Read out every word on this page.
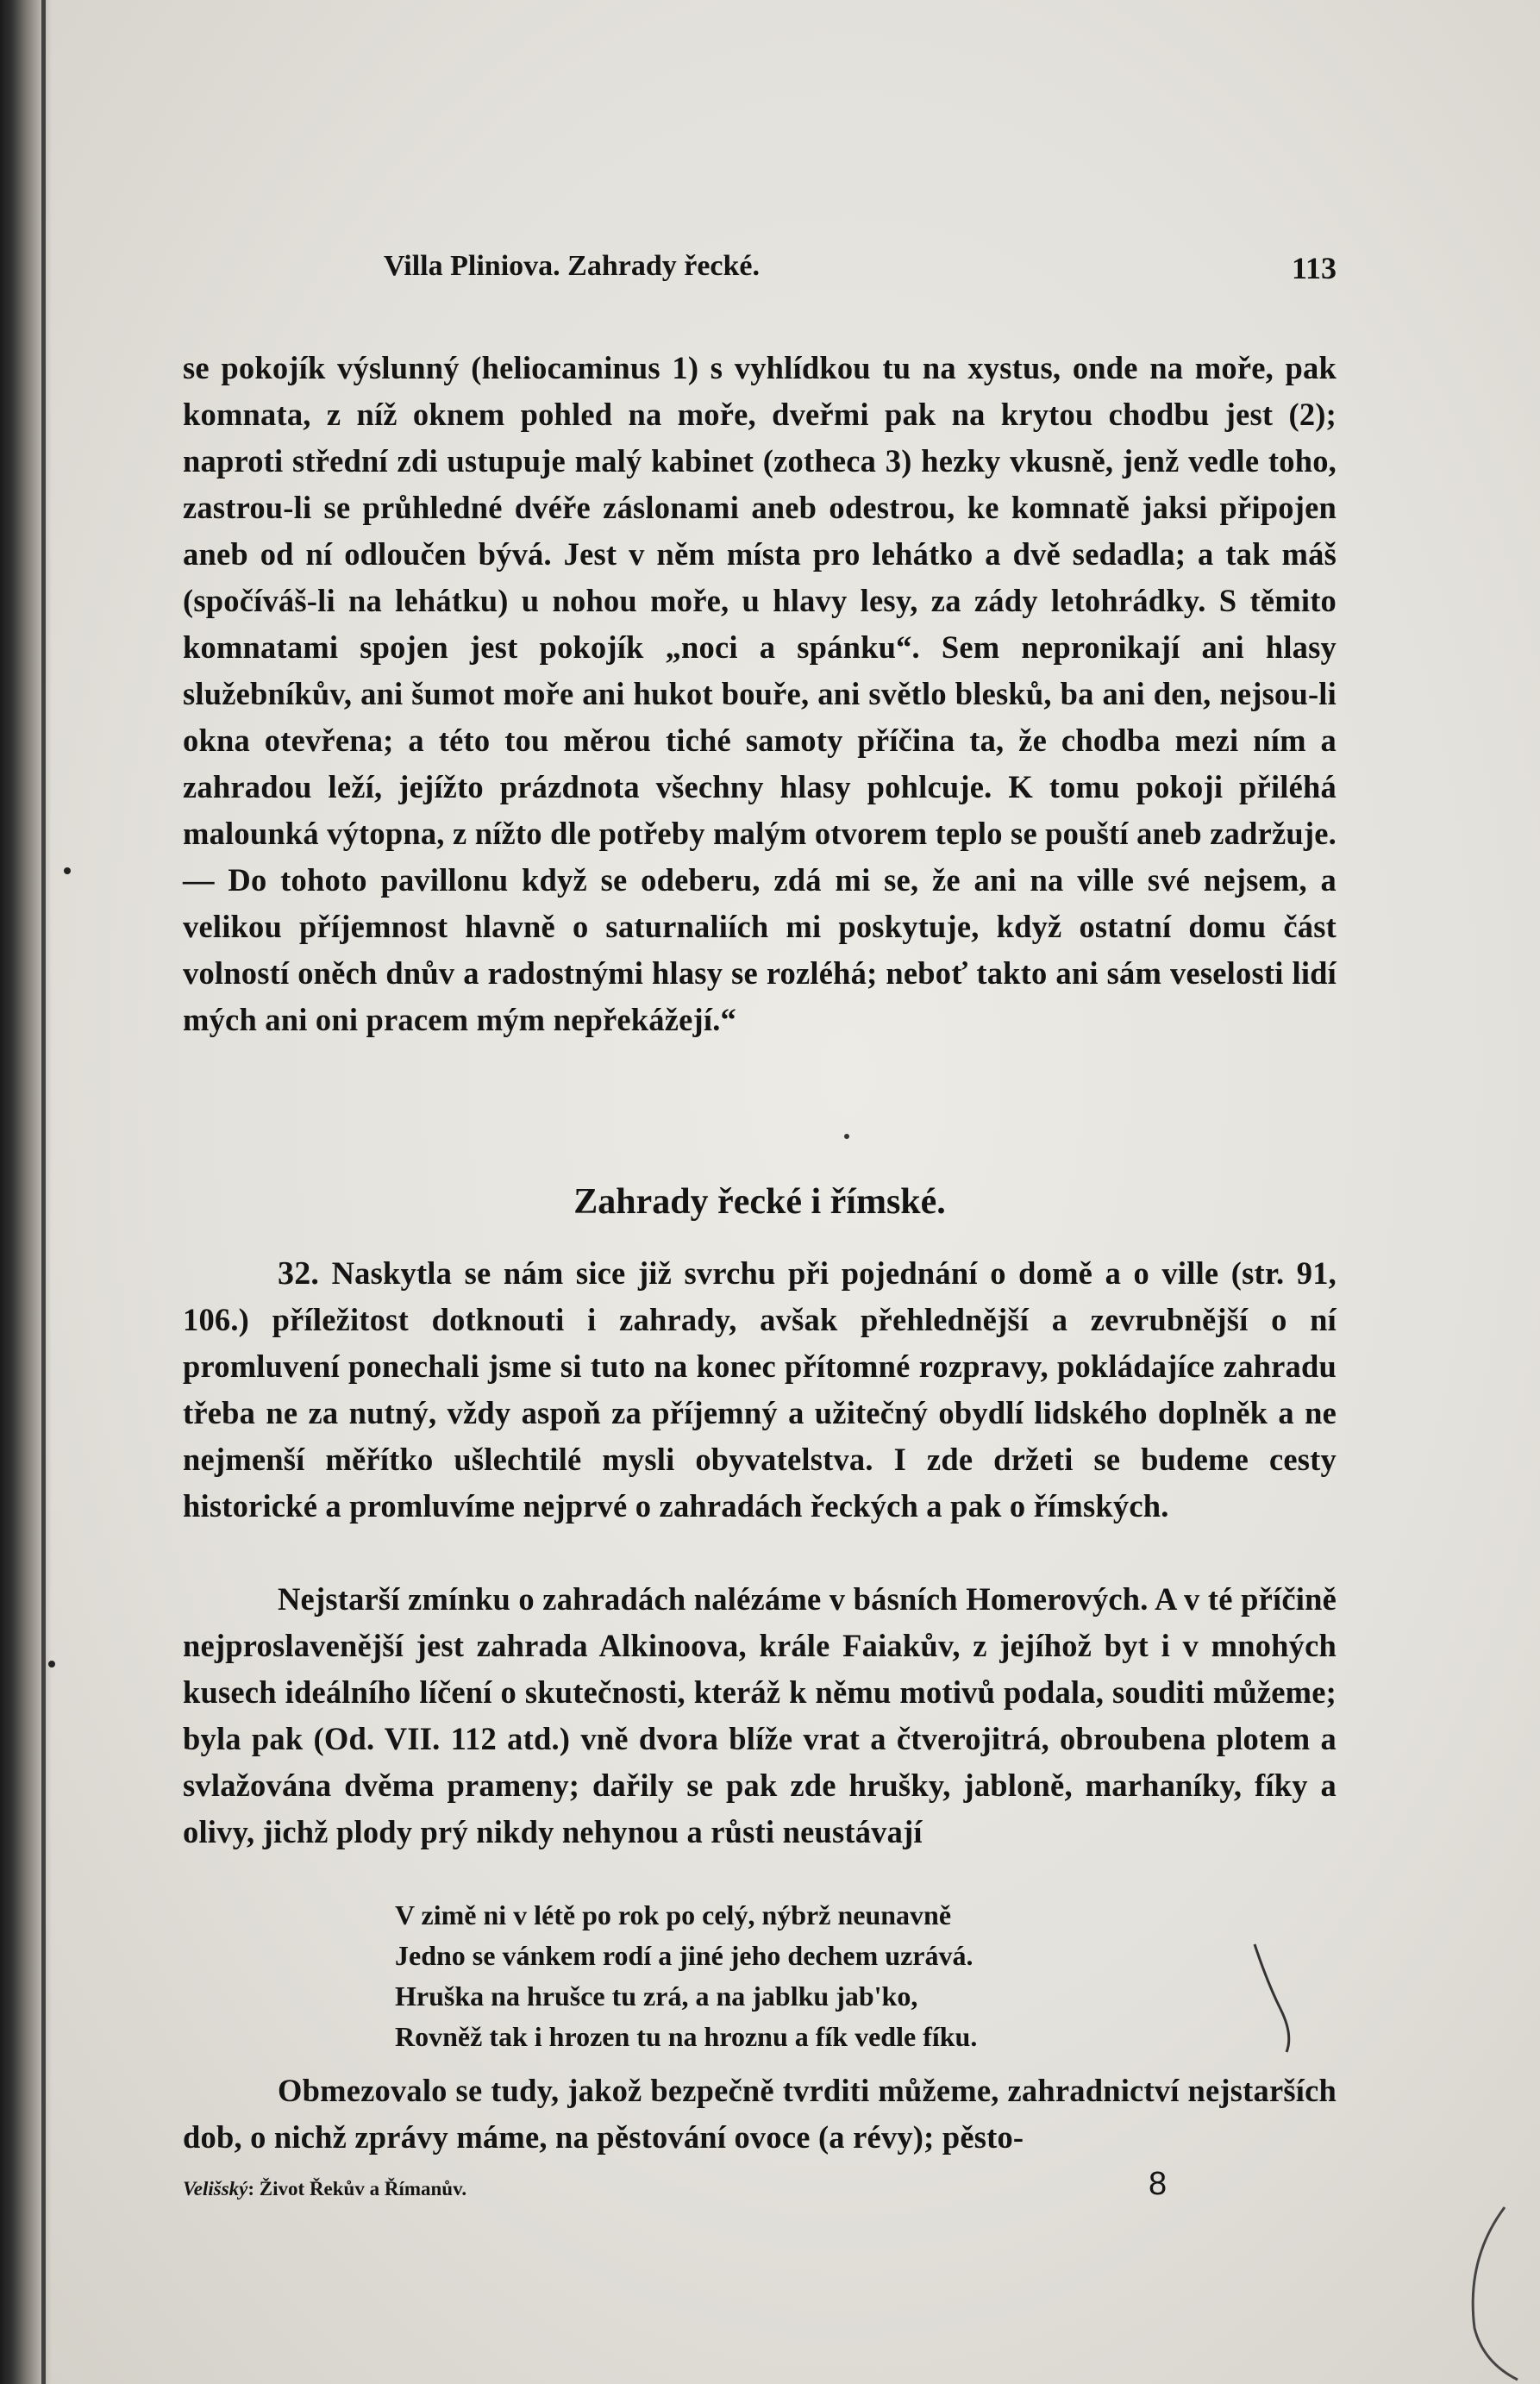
Villa Pliniova. Zahrady řecké.	113

se pokojík výslunný (heliocaminus 1) s vyhlídkou tu na xystus, onde na moře, pak komnata, z níž oknem pohled na moře, dveřmi pak na krytou chodbu jest (2); naproti střední zdi ustupuje malý kabinet (zotheca 3) hezky vkusně, jenž vedle toho, zastrou-li se průhledné dvéře záslonami aneb odestrou, ke komnatě jaksi připojen aneb od ní odloučen bývá. Jest v něm místa pro lehátko a dvě sedadla; a tak máš (spočíváš-li na lehátku) u nohou moře, u hlavy lesy, za zády letohrádky. S těmito komnatami spojen jest pokojík „noci a spánku“. Sem nepronikají ani hlasy služebníkův, ani šumot moře ani hukot bouře, ani světlo blesků, ba ani den, nejsou-li okna otevřena; a této tou měrou tiché samoty příčina ta, že chodba mezi ním a zahradou leží, jejížto prázdnota všechny hlasy pohlcuje. K tomu pokoji přiléhá malounká výtopna, z nížto dle potřeby malým otvorem teplo se pouští aneb zadržuje. — Do tohoto pavillonu když se odeberu, zdá mi se, že ani na ville své nejsem, a velikou příjemnost hlavně o saturnaliích mi poskytuje, když ostatní domu část volností oněch dnův a radostnými hlasy se rozléhá; neboť takto ani sám veselosti lidí mých ani oni pracem mým nepřekážejí.“

Zahrady řecké i římské.

32. Naskytla se nám sice již svrchu při pojednání o domě a o ville (str. 91, 106.) příležitost dotknouti i zahrady, avšak přehlednější a zevrubnější o ní promluvení ponechali jsme si tuto na konec přítomné rozpravy, pokládajíce zahradu třeba ne za nutný, vždy aspoň za příjemný a užitečný obydlí lidského doplněk a ne nejmenší měřítko ušlechtilé mysli obyvatelstva. I zde držeti se budeme cesty historické a promluvíme nejprvé o zahradách řeckých a pak o římských.

Nejstarší zmínku o zahradách nalézáme v básních Homerových. A v té příčině nejproslavenější jest zahrada Alkinoova, krále Faiakův, z jejíhož byt i v mnohých kusech ideálního líčení o skutečnosti, kteráž k němu motivů podala, souditi můžeme; byla pak (Od. VII. 112 atd.) vně dvora blíže vrat a čtverojitrá, obroubena plotem a svlažována dvěma prameny; dařily se pak zde hrušky, jabloně, marhaníky, fíky a olivy, jichž plody prý nikdy nehynou a růsti neustávají

V zimě ni v létě po rok po celý, nýbrž neunavně
Jedno se vánkem rodí a jiné jeho dechem uzrává.
Hruška na hrušce tu zrá, a na jablku jab'ko,
Rovněž tak i hrozen tu na hroznu a fík vedle fíku.

Obmezovalo se tudy, jakož bezpečně tvrditi můžeme, zahradnictví nejstarších dob, o nichž zprávy máme, na pěstování ovoce (a révy); pěsto-

Velišský: Život Řekův a Římanův.	8
